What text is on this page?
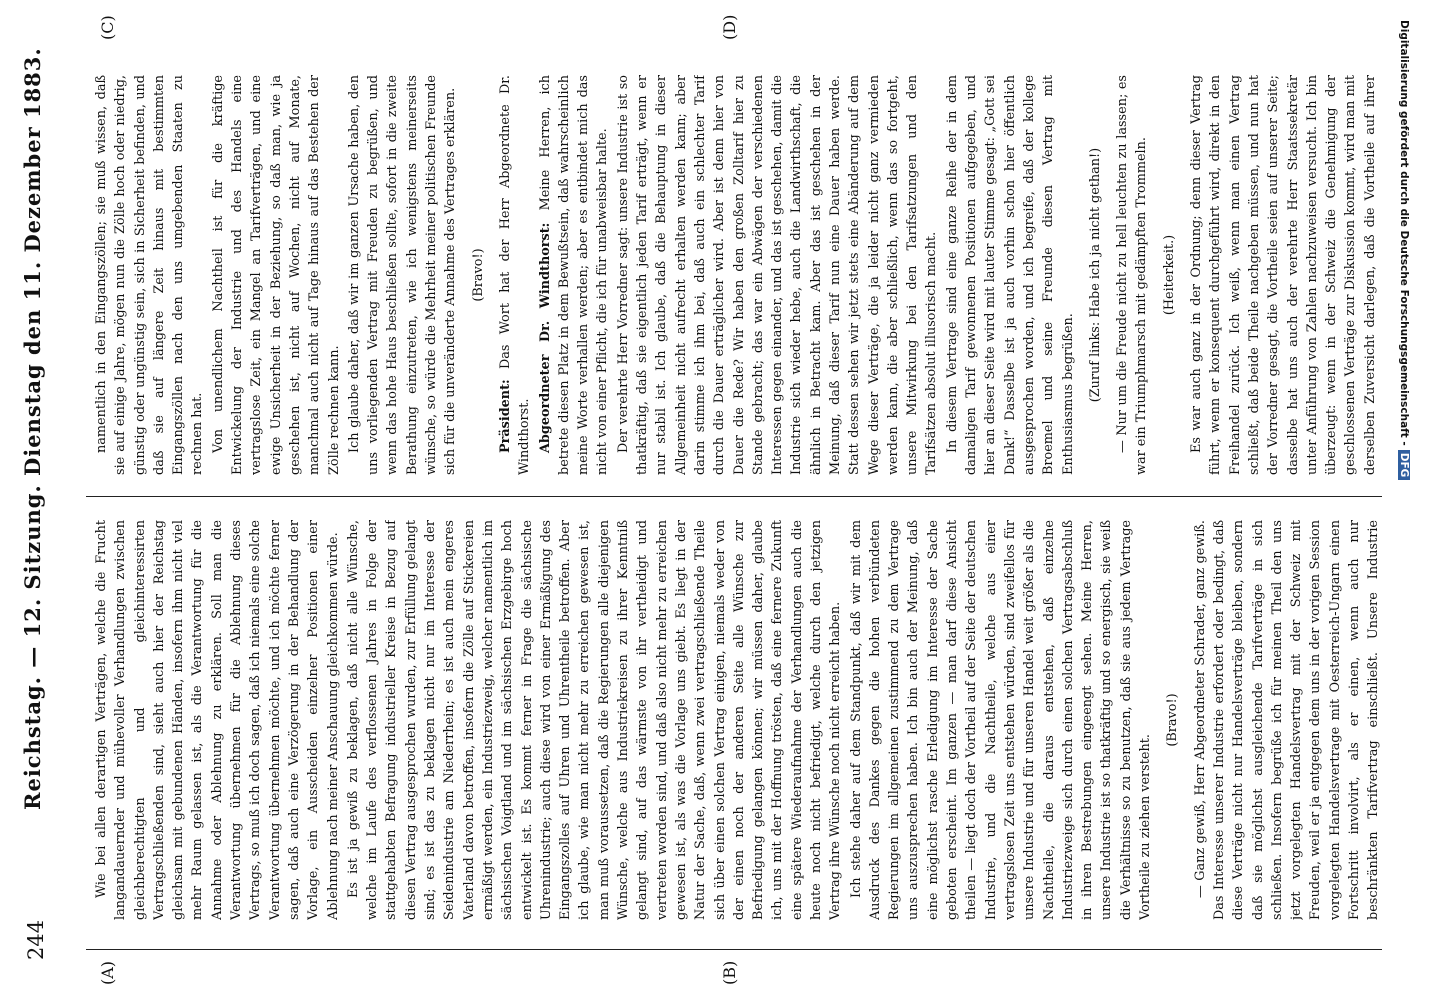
244
Reichstag. — 12. Sitzung. Dienstag den 11. Dezember 1883.
(A)	(B)
(C)	(D)

Wie bei allen derartigen Verträgen, welche die Frucht langandauernder und mühevoller Verhandlungen zwischen gleichberechtigten und gleichinteressirten Vertragschließenden sind, sieht auch hier der Reichstag gleichsam mit gebundenen Händen, insofern ihm nicht viel mehr Raum gelassen ist, als die Verantwortung für die Annahme oder Ablehnung zu erklären. Soll man die Verantwortung übernehmen für die Ablehnung dieses Vertrags, so muß ich doch sagen, daß ich niemals eine solche Verantwortung übernehmen möchte, und ich möchte ferner sagen, daß auch eine Verzögerung in der Behandlung der Vorlage, ein Ausscheiden einzelner Positionen einer Ablehnung nach meiner Anschauung gleichkommen würde. Es ist ja gewiß zu beklagen, daß nicht alle Wünsche, welche im Laufe des verflossenen Jahres in Folge der stattgehabten Befragung industrieller Kreise in Bezug auf diesen Vertrag ausgesprochen wurden, zur Erfüllung gelangt sind; es ist das zu beklagen nicht nur im Interesse der Seidenindustrie am Niederrhein; es ist auch mein engeres Vaterland davon betroffen, insofern die Zölle auf Stickereien ermäßigt werden, ein Industriezweig, welcher namentlich im sächsischen Voigtland und im sächsischen Erzgebirge hoch entwickelt ist. Es kommt ferner in Frage die sächsische Uhrenindustrie; auch diese wird von einer Ermäßigung des Eingangszolles auf Uhren und Uhrentheile betroffen. Aber ich glaube, wie man nicht mehr zu erreichen gewesen ist, man muß voraussetzen, daß die Regierungen alle diejenigen Wünsche, welche aus Industriekreisen zu ihrer Kenntniß gelangt sind, auf das wärmste von ihr vertheidigt und vertreten worden sind, und daß also nicht mehr zu erreichen gewesen ist, als was die Vorlage uns giebt. Es liegt in der Natur der Sache, daß, wenn zwei vertragschließende Theile sich über einen solchen Vertrag einigen, niemals weder von der einen noch der anderen Seite alle Wünsche zur Befriedigung gelangen können; wir müssen daher, glaube ich, uns mit der Hoffnung trösten, daß eine fernere Zukunft eine spätere Wiederaufnahme der Verhandlungen auch die heute noch nicht befriedigt, welche durch den jetzigen Vertrag ihre Wünsche noch nicht erreicht haben. Ich stehe daher auf dem Standpunkt, daß wir mit dem Ausdruck des Dankes gegen die hohen verbündeten Regierungen im allgemeinen zustimmend zu dem Vertrage uns auszusprechen haben. Ich bin auch der Meinung, daß eine möglichst rasche Erledigung im Interesse der Sache geboten erscheint. Im ganzen — man darf diese Ansicht theilen — liegt doch der Vortheil auf der Seite der deutschen Industrie, und die Nachtheile, welche aus einer vertragslosen Zeit uns entstehen würden, sind zweifellos für unsere Industrie und für unseren Handel weit größer als die Nachtheile, die daraus entstehen, daß einzelne Industriezweige sich durch einen solchen Vertragsabschluß in ihren Bestrebungen eingeengt sehen. Meine Herren, unsere Industrie ist so thatkräftig und so energisch, sie weiß die Verhältnisse so zu benutzen, daß sie aus jedem Vertrage Vortheile zu ziehen versteht.

(Bravo!)

— Ganz gewiß, Herr Abgeordneter Schrader, ganz gewiß. Das Interesse unserer Industrie erfordert oder bedingt, daß diese Verträge nicht nur Handelsverträge bleiben, sondern daß sie möglichst ausgleichende Tarifverträge in sich schließen. Insofern begrüße ich für meinen Theil den uns jetzt vorgelegten Handelsvertrag mit der Schweiz mit Freuden, weil er ja entgegen dem uns in der vorigen Session vorgelegten Handelsvertrage mit Oesterreich-Ungarn einen Fortschritt involvirt, als er einen, wenn auch nur beschränkten Tarifvertrag einschließt. Unsere Industrie

namentlich in den Eingangszöllen; sie muß wissen, daß sie auf einige Jahre, mögen nun die Zölle hoch oder niedrig, günstig oder ungünstig sein, sich in Sicherheit befinden, und daß sie auf längere Zeit hinaus mit bestimmten Eingangszöllen nach den uns umgebenden Staaten zu rechnen hat. Von unendlichem Nachtheil ist für die kräftige Entwickelung der Industrie und des Handels eine vertragslose Zeit, ein Mangel an Tarifverträgen, und eine ewige Unsicherheit in der Beziehung, so daß man, wie ja geschehen ist, nicht auf Wochen, nicht auf Monate, manchmal auch nicht auf Tage hinaus auf das Bestehen der Zölle rechnen kann. Ich glaube daher, daß wir im ganzen Ursache haben, den uns vorliegenden Vertrag mit Freuden zu begrüßen, und wenn das hohe Haus beschließen sollte, sofort in die zweite Berathung einzutreten, wie ich wenigstens meinerseits wünsche, so würde die Mehrheit meiner politischen Freunde sich für die unveränderte Annahme des Vertrages erklären. (Bravo!)

Präsident: Das Wort hat der Herr Abgeordnete Dr. Windthorst. Abgeordneter Dr. Windthorst: Meine Herren, ich betrete diesen Platz in dem Bewußtsein, daß wahrscheinlich meine Worte verhallen werden; aber es entbindet mich das nicht von einer Pflicht, die ich für unabweisbar halte. Der verehrte Herr Vorredner sagt: unsere Industrie ist so thatkräftig, daß sie eigentlich jeden Tarif erträgt, wenn er nur stabil ist. Ich glaube, daß die Behauptung in dieser Allgemeinheit nicht aufrecht erhalten werden kann; aber darin stimme ich ihm bei, daß auch ein schlechter Tarif durch die Dauer erträglicher wird. Aber ist denn hier von Dauer die Rede? Wir haben den großen Zolltarif hier zu Stande gebracht; das war ein Abwägen der verschiedenen Interessen gegen einander, und das ist geschehen, damit die Industrie sich wieder hebe, auch die Landwirthschaft, die ähnlich in Betracht kam. Aber das ist geschehen in der Meinung, daß dieser Tarif nun eine Dauer haben werde. Statt dessen sehen wir jetzt stets eine Abänderung auf dem Wege dieser Verträge, die ja leider nicht ganz vermieden werden kann, die aber schließlich, wenn das so fortgeht, unsere Mitwirkung bei den Tarifsatzungen und den Tarifsätzen absolut illusorisch macht. In diesem Vertrage sind eine ganze Reihe der in dem damaligen Tarif gewonnenen Positionen aufgegeben, und hier an dieser Seite wird mit lauter Stimme gesagt: „Gott sei Dank!“ Dasselbe ist ja auch vorhin schon hier öffentlich ausgesprochen worden, und ich begreife, daß der kollege Broemel und seine Freunde diesen Vertrag mit Enthusiasmus begrüßen. (Zuruf links: Habe ich ja nicht gethan!) — Nur um die Freude nicht zu hell leuchten zu lassen; es war ein Triumphmarsch mit gedämpften Trommeln. (Heiterkeit.)

Es war auch ganz in der Ordnung; denn dieser Vertrag führt, wenn er konsequent durchgeführt wird, direkt in den Freihandel zurück. Ich weiß, wenn man einen Vertrag schließt, daß beide Theile nachgeben müssen, und nun hat der Vorredner gesagt, die Vortheile seien auf unserer Seite; dasselbe hat uns auch der verehrte Herr Staatssekretär unter Anführung von Zahlen nachzuweisen versucht. Ich bin überzeugt: wenn in der Schweiz die Genehmigung der geschlossenen Verträge zur Diskussion kommt, wird man mit derselben Zuversicht darlegen, daß die Vortheile auf ihrer	Digitalisierung gefördert durch die Deutsche Forschungsgemeinschaft -DFG
